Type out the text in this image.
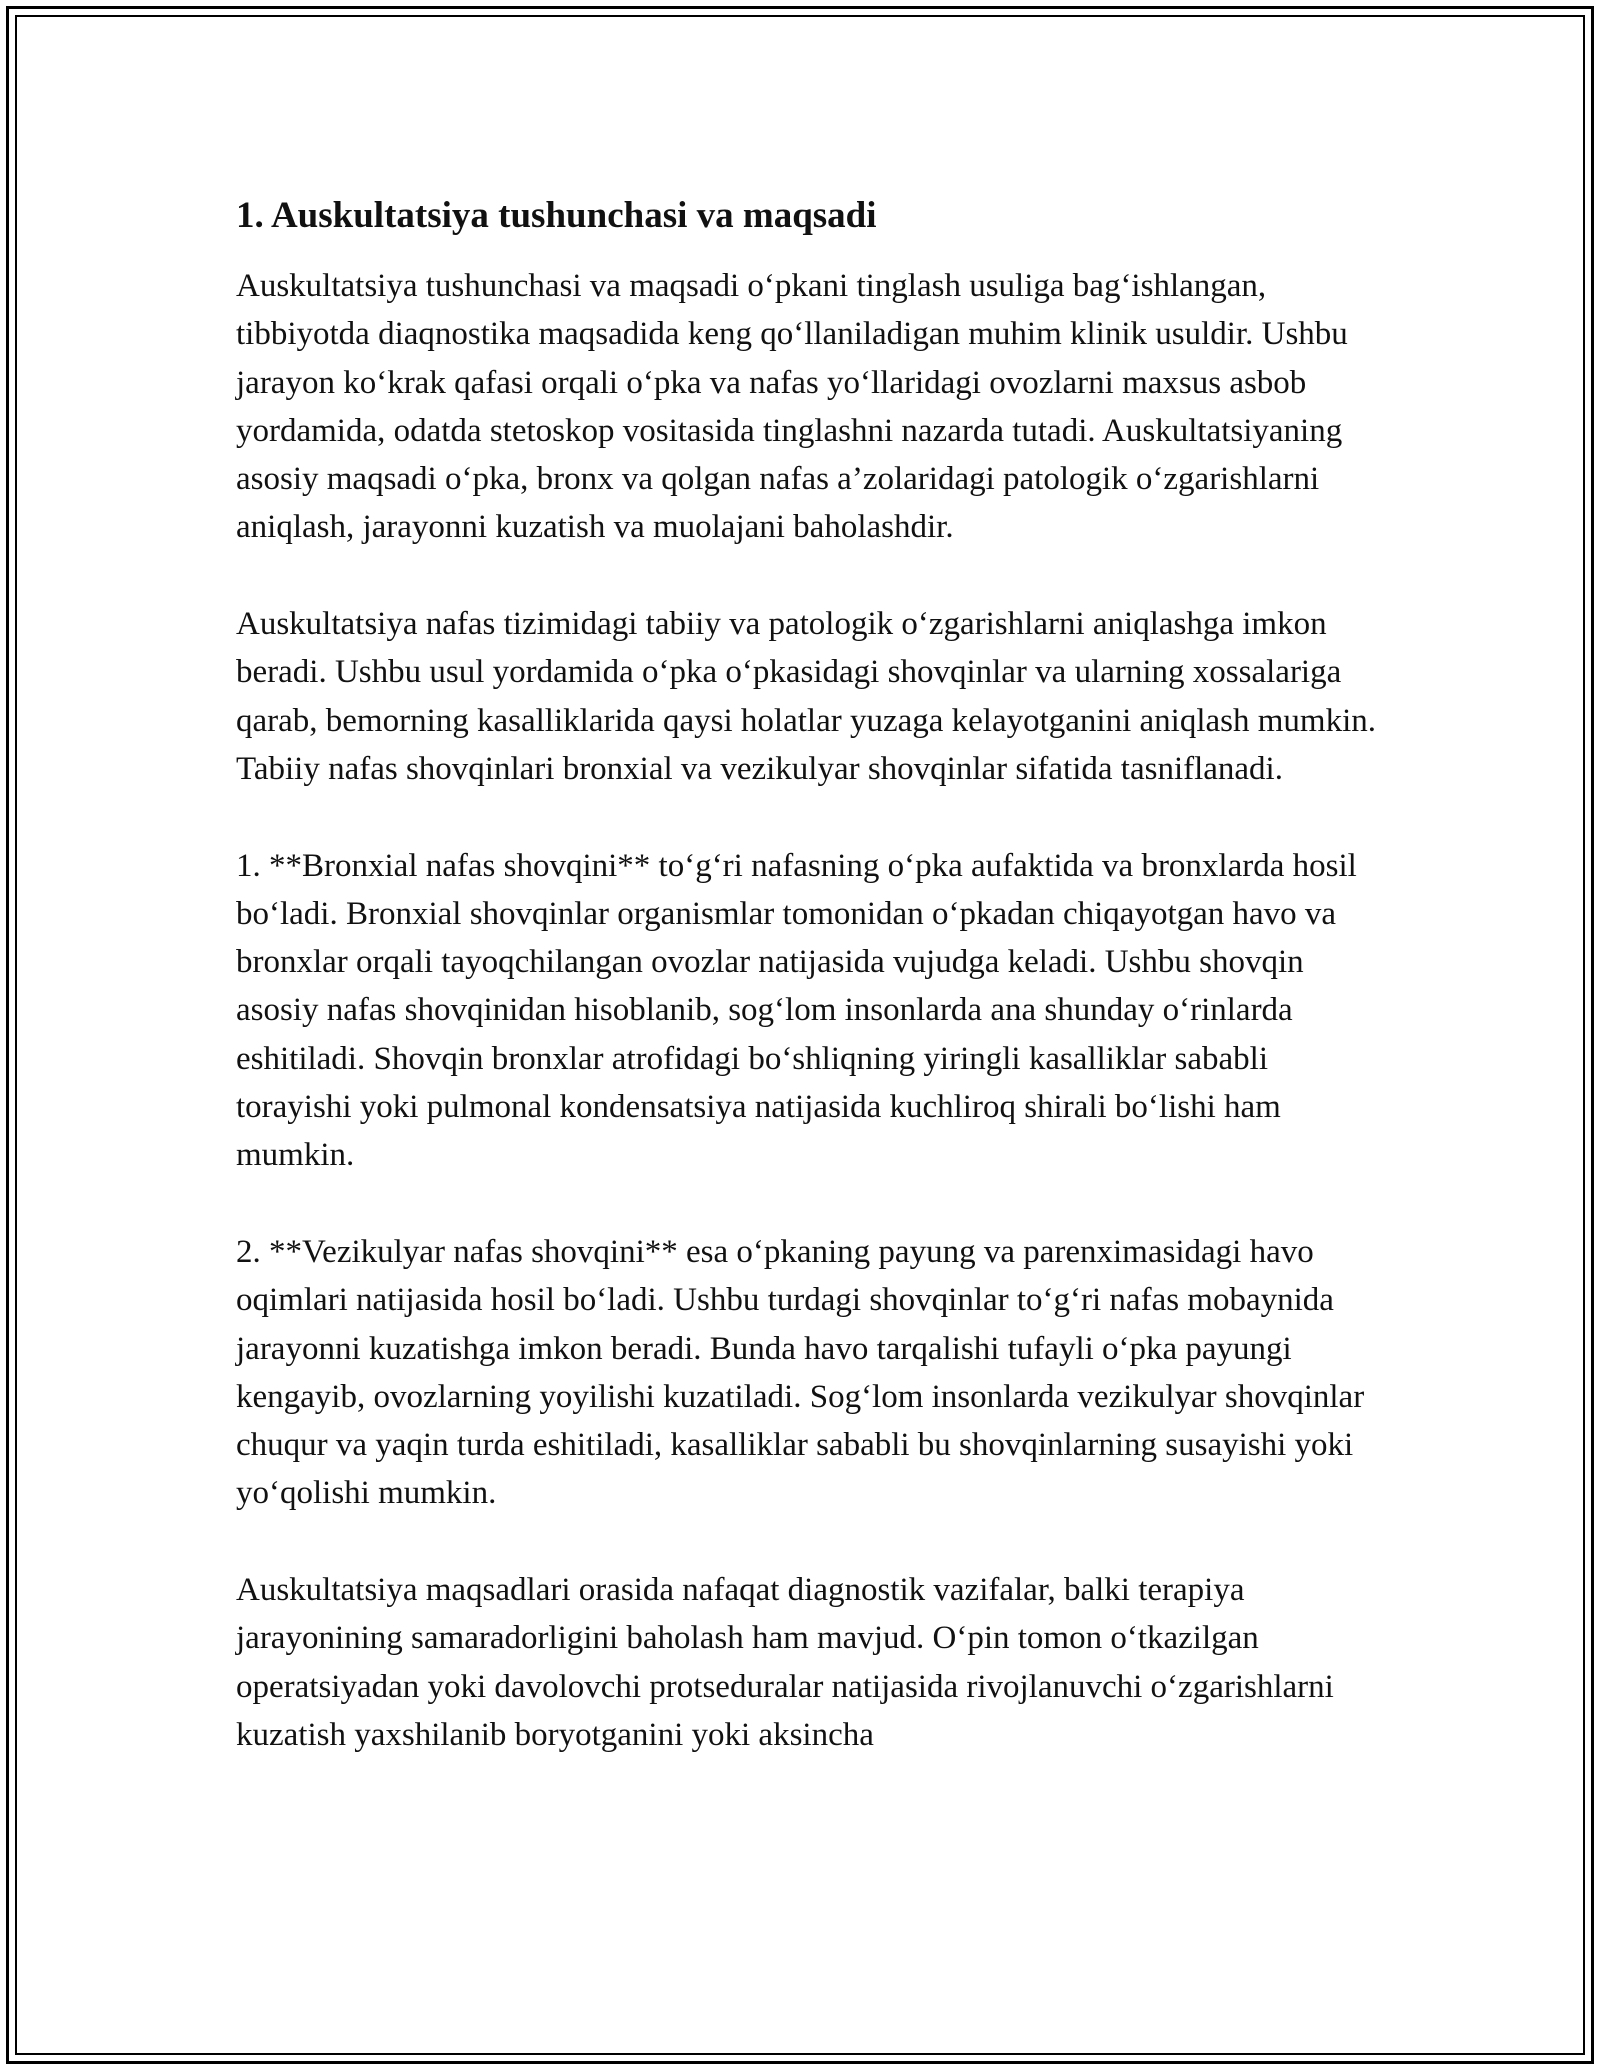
1. Auskultatsiya tushunchasi va maqsadi

Auskultatsiya tushunchasi va maqsadi o‘pkani tinglash usuliga bag‘ishlangan, tibbiyotda diaqnostika maqsadida keng qo‘llaniladigan muhim klinik usuldir. Ushbu jarayon ko‘krak qafasi orqali o‘pka va nafas yo‘llaridagi ovozlarni maxsus asbob yordamida, odatda stetoskop vositasida tinglashni nazarda tutadi. Auskultatsiyaning asosiy maqsadi o‘pka, bronx va qolgan nafas a’zolaridagi patologik o‘zgarishlarni aniqlash, jarayonni kuzatish va muolajani baholashdir.

Auskultatsiya nafas tizimidagi tabiiy va patologik o‘zgarishlarni aniqlashga imkon beradi. Ushbu usul yordamida o‘pka o‘pkasidagi shovqinlar va ularning xossalariga qarab, bemorning kasalliklarida qaysi holatlar yuzaga kelayotganini aniqlash mumkin. Tabiiy nafas shovqinlari bronxial va vezikulyar shovqinlar sifatida tasniflanadi.

1. **Bronxial nafas shovqini** to‘g‘ri nafasning o‘pka aufaktida va bronxlarda hosil bo‘ladi. Bronxial shovqinlar organismlar tomonidan o‘pkadan chiqayotgan havo va bronxlar orqali tayoqchilangan ovozlar natijasida vujudga keladi. Ushbu shovqin asosiy nafas shovqinidan hisoblanib, sog‘lom insonlarda ana shunday o‘rinlarda eshitiladi. Shovqin bronxlar atrofidagi bo‘shliqning yiringli kasalliklar sababli torayishi yoki pulmonal kondensatsiya natijasida kuchliroq shirali bo‘lishi ham mumkin.

2. **Vezikulyar nafas shovqini** esa o‘pkaning payung va parenximasidagi havo oqimlari natijasida hosil bo‘ladi. Ushbu turdagi shovqinlar to‘g‘ri nafas mobaynida jarayonni kuzatishga imkon beradi. Bunda havo tarqalishi tufayli o‘pka payungi kengayib, ovozlarning yoyilishi kuzatiladi. Sog‘lom insonlarda vezikulyar shovqinlar chuqur va yaqin turda eshitiladi, kasalliklar sababli bu shovqinlarning susayishi yoki yo‘qolishi mumkin.

Auskultatsiya maqsadlari orasida nafaqat diagnostik vazifalar, balki terapiya jarayonining samaradorligini baholash ham mavjud. O‘pin tomon o‘tkazilgan operatsiyadan yoki davolovchi protseduralar natijasida rivojlanuvchi o‘zgarishlarni kuzatish yaxshilanib boryotganini yoki aksincha
